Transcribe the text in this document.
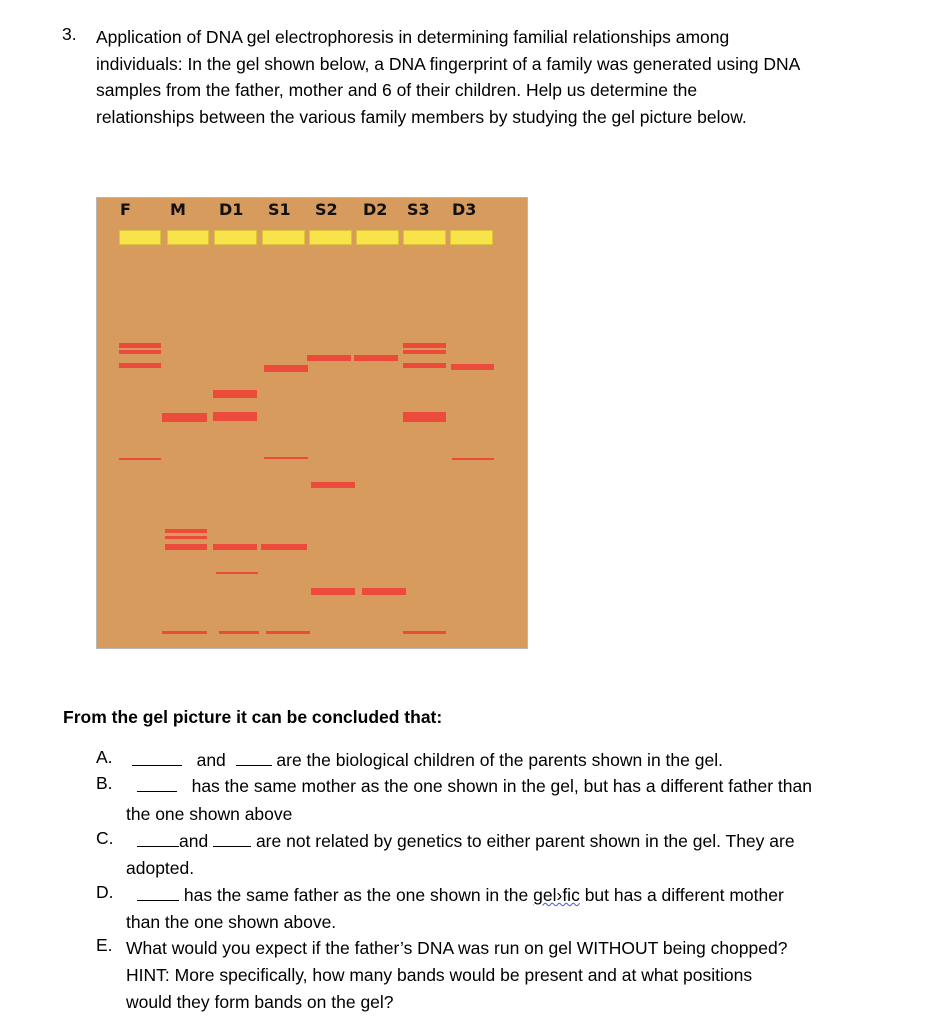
3. Application of DNA gel electrophoresis in determining familial relationships among
individuals: In the gel shown below, a DNA fingerprint of a family was generated using DNA
samples from the father, mother and 6 of their children. Help us determine the
relationships between the various family members by studying the gel picture below.
F M D1 S1 S2 D2 S3 D3
From the gel picture it can be concluded that:
A.	and	are the biological children of the parents shown in the gel.
B.	has the same mother as the one shown in the gel, but has a different father than
the one shown above
C.	and	are not related by genetics to either parent shown in the gel. They are
adopted.
D.	has the same father as the one shown in the gel›fiс but has a different mother
than the one shown above.
E. What would you expect if the father’s DNA was run on gel WITHOUT being chopped?
HINT: More specifically, how many bands would be present and at what positions
would they form bands on the gel?
